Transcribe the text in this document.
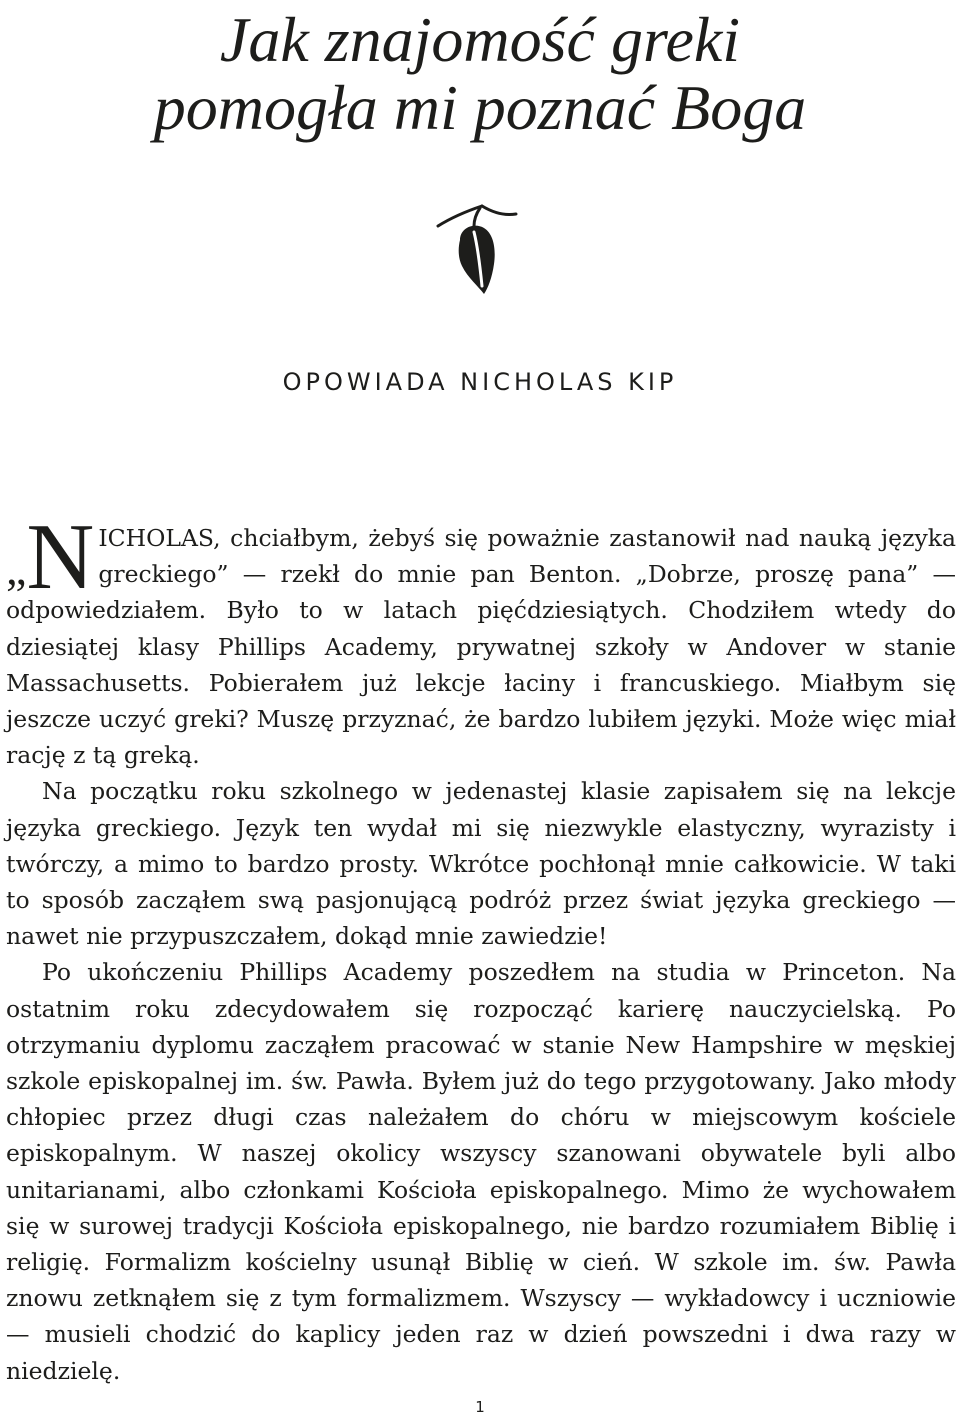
Jak znajomość greki
pomogła mi poznać Boga
OPOWIADA NICHOLAS KIP

„ N ICHOLAS, chciałbym, żebyś się poważnie zastanowił nad nauką języka greckiego” — rzekł do mnie pan Benton. „Dobrze, proszę pana” — odpowiedziałem. Było to w latach pięćdziesiątych. Chodziłem wtedy do dziesiątej klasy Phillips Academy, prywatnej szkoły w Andover w stanie Massachusetts. Pobierałem już lekcje łaciny i francuskiego. Miałbym się jeszcze uczyć greki? Muszę przyznać, że bardzo lubiłem języki. Może więc miał rację z tą greką.

Na początku roku szkolnego w jedenastej klasie zapisałem się na lekcje języka greckiego. Język ten wydał mi się niezwykle elastyczny, wyrazisty i twórczy, a mimo to bardzo prosty. Wkrótce pochłonął mnie całkowicie. W taki to sposób zacząłem swą pasjonującą podróż przez świat języka greckiego — nawet nie przypuszczałem, dokąd mnie zawiedzie!

Po ukończeniu Phillips Academy poszedłem na studia w Princeton. Na ostatnim roku zdecydowałem się rozpocząć karierę nauczycielską. Po otrzymaniu dyplomu zacząłem pracować w stanie New Hampshire w męskiej szkole episkopalnej im. św. Pawła. Byłem już do tego przygotowany. Jako młody chłopiec przez długi czas należałem do chóru w miejscowym kościele episkopalnym. W naszej okolicy wszyscy szanowani obywatele byli albo unitarianami, albo członkami Kościoła episkopalnego. Mimo że wychowałem się w surowej tradycji Kościoła episkopalnego, nie bardzo rozumiałem Biblię i religię. Formalizm kościelny usunął Biblię w cień. W szkole im. św. Pawła znowu zetknąłem się z tym formalizmem. Wszyscy — wykładowcy i uczniowie — musieli chodzić do kaplicy jeden raz w dzień powszedni i dwa razy w niedzielę.

1
